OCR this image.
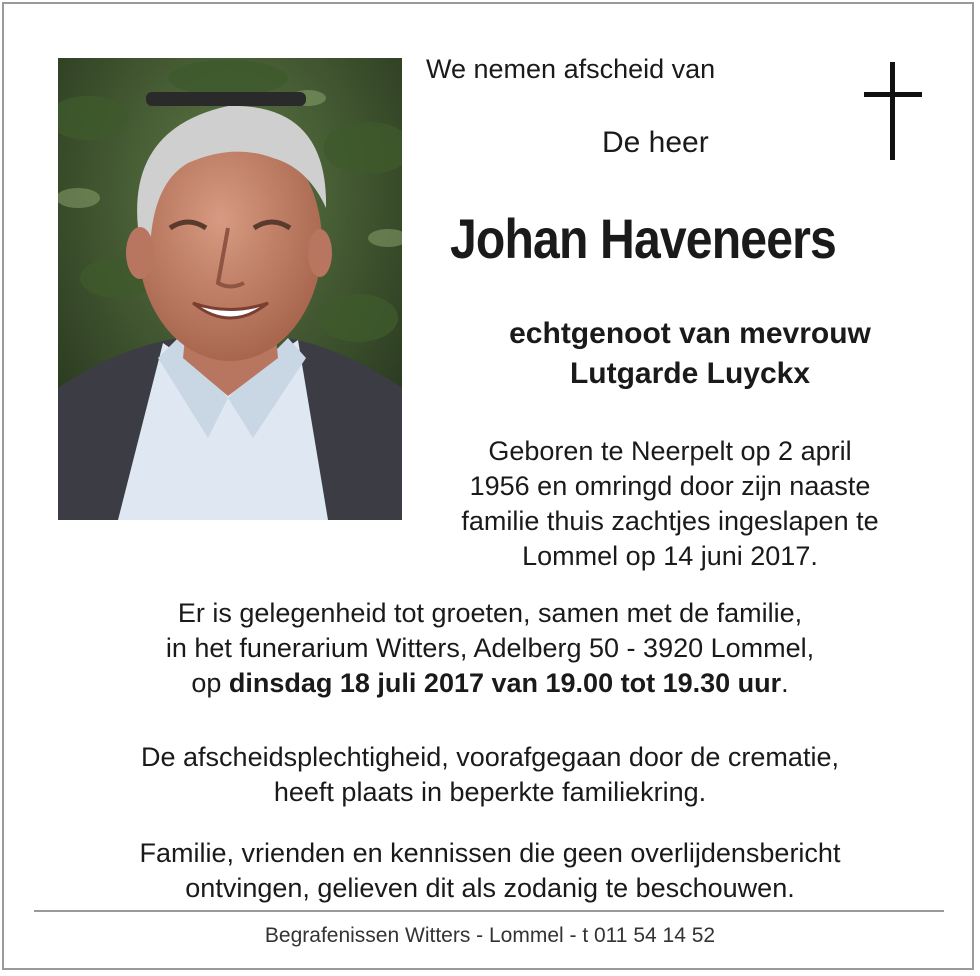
We nemen afscheid van

De heer

Johan Haveneers

echtgenoot van mevrouw
Lutgarde Luyckx
Geboren te Neerpelt op 2 april
1956 en omringd door zijn naaste
familie thuis zachtjes ingeslapen te
Lommel op 14 juni 2017.
Er is gelegenheid tot groeten, samen met de familie,
in het funerarium Witters, Adelberg 50 - 3920 Lommel,
op dinsdag 18 juli 2017 van 19.00 tot 19.30 uur.
De afscheidsplechtigheid, voorafgegaan door de crematie,
heeft plaats in beperkte familiekring.
Familie, vrienden en kennissen die geen overlijdensbericht
ontvingen, gelieven dit als zodanig te beschouwen.
Begrafenissen Witters - Lommel - t 011 54 14 52
